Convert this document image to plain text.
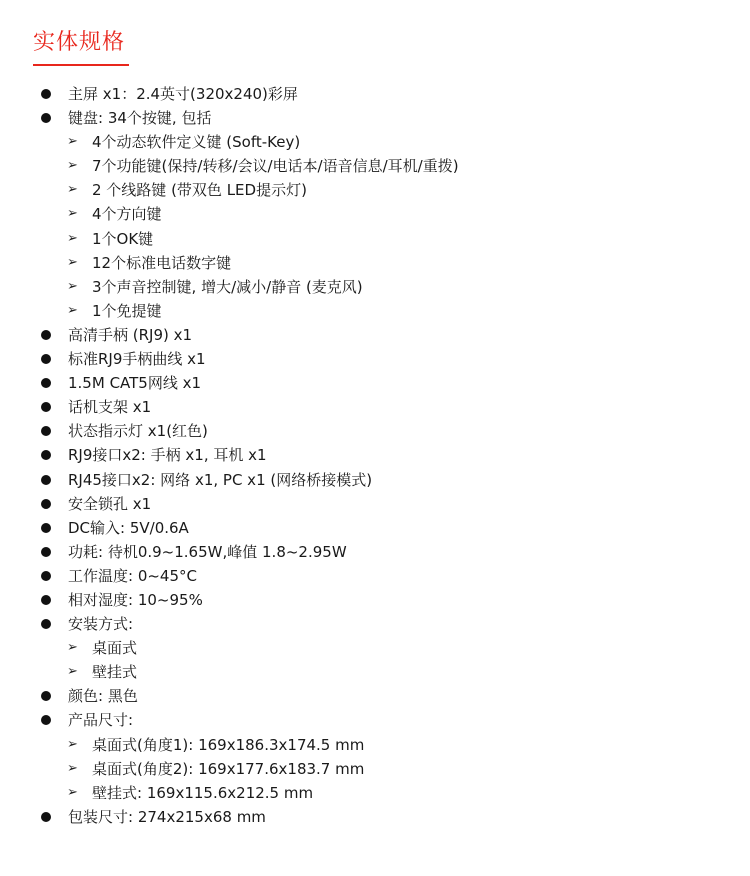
实体规格
主屏 x1：2.4英寸(320x240)彩屏
键盘: 34个按键, 包括
➢ 4个动态软件定义键 (Soft-Key)
➢ 7个功能键(保持/转移/会议/电话本/语音信息/耳机/重拨)
➢ 2 个线路键 (带双色 LED提示灯)
➢ 4个方向键
➢ 1个OK键
➢ 12个标准电话数字键
➢ 3个声音控制键, 增大/减小/静音 (麦克风)
➢ 1个免提键
高清手柄 (RJ9) x1
标准RJ9手柄曲线 x1
1.5M CAT5网线 x1
话机支架 x1
状态指示灯 x1(红色)
RJ9接口x2: 手柄 x1, 耳机 x1
RJ45接口x2: 网络 x1, PC x1 (网络桥接模式)
安全锁孔 x1
DC输入: 5V/0.6A
功耗: 待机0.9~1.65W,峰值 1.8~2.95W
工作温度: 0~45°C
相对湿度: 10~95%
安装方式:
➢ 桌面式
➢ 壁挂式
颜色: 黑色
产品尺寸:
➢ 桌面式(角度1): 169x186.3x174.5 mm
➢ 桌面式(角度2): 169x177.6x183.7 mm
➢ 壁挂式: 169x115.6x212.5 mm
包装尺寸: 274x215x68 mm
